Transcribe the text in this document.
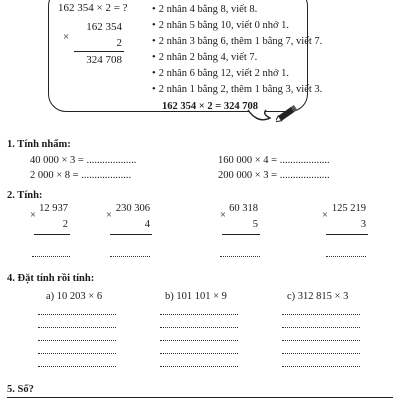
162 354 × 2 = ?
×
162 354
2
324 708
• 2 nhân 4 bằng 8, viết 8.
• 2 nhân 5 bằng 10, viết 0 nhớ 1.
• 2 nhân 3 bằng 6, thêm 1 bằng 7, viết 7.
• 2 nhân 2 bằng 4, viết 7.
• 2 nhân 6 bằng 12, viết 2 nhớ 1.
• 2 nhân 1 bằng 2, thêm 1 bằng 3, viết 3.
162 354 × 2 = 324 708
1. Tính nhẩm:
40 000 × 3 = ...................	160 000 × 4 = ...................
2 000 × 8 = ...................	200 000 × 3 = ...................
2. Tính:
×
12 937
2
×
230 306
4
×
60 318
5
×
125 219
3
4. Đặt tính rồi tính:
a) 10 203 × 6	b) 101 101 × 9	c) 312 815 × 3
5. Số?
